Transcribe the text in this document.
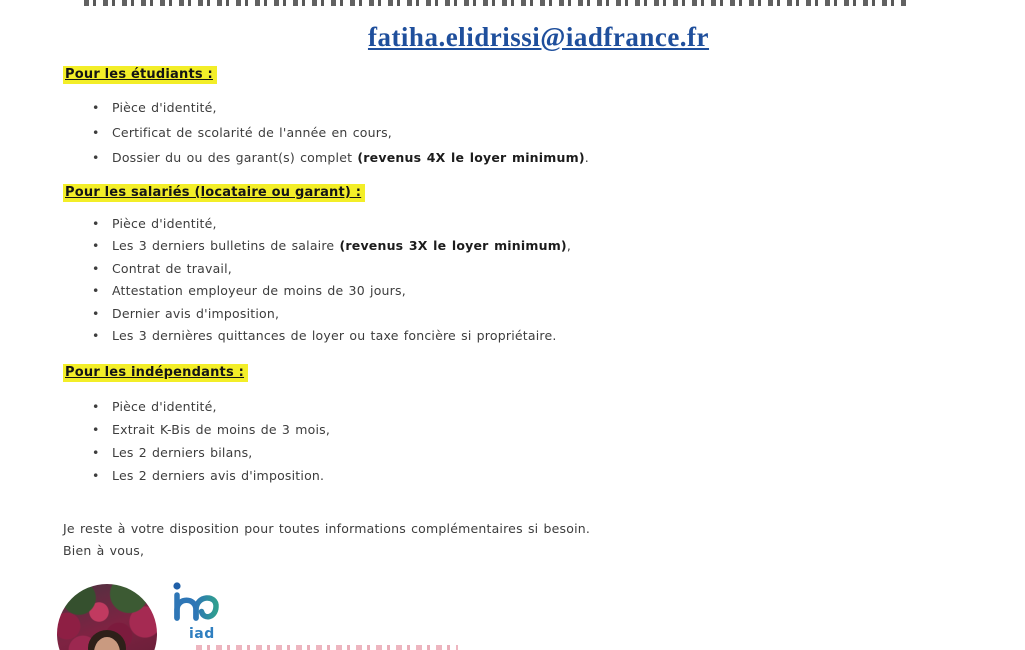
fatiha.elidrissi@iadfrance.fr
Pour les étudiants :
• Pièce d'identité,
• Certificat de scolarité de l'année en cours,
• Dossier du ou des garant(s) complet (revenus 4X le loyer minimum).
Pour les salariés (locataire ou garant) :
• Pièce d'identité,
• Les 3 derniers bulletins de salaire (revenus 3X le loyer minimum),
• Contrat de travail,
• Attestation employeur de moins de 30 jours,
• Dernier avis d'imposition,
• Les 3 dernières quittances de loyer ou taxe foncière si propriétaire.
Pour les indépendants :
• Pièce d'identité,
• Extrait K-Bis de moins de 3 mois,
• Les 2 derniers bilans,
• Les 2 derniers avis d'imposition.
Je reste à votre disposition pour toutes informations complémentaires si besoin.
Bien à vous,
iad
